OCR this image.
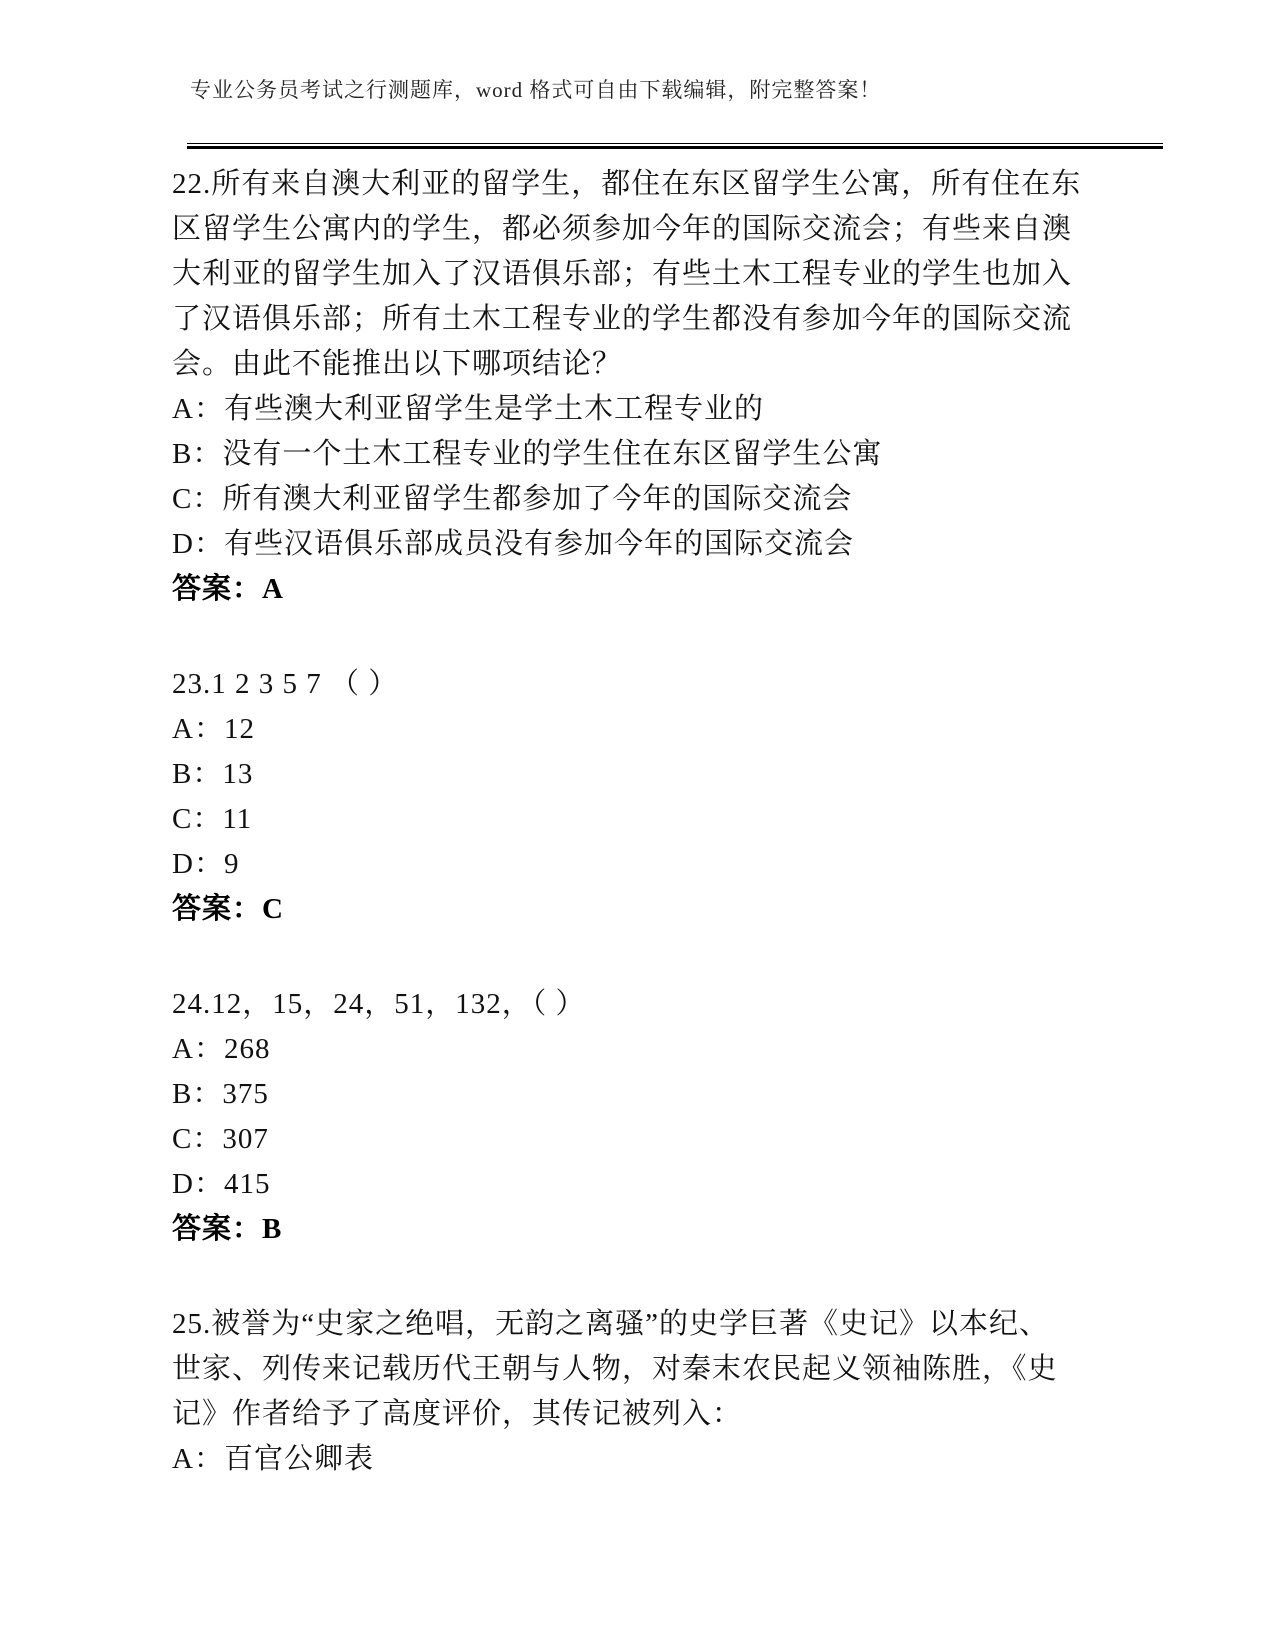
专业公务员考试之行测题库，word 格式可自由下载编辑，附完整答案！
22.所有来自澳大利亚的留学生，都住在东区留学生公寓，所有住在东
区留学生公寓内的学生，都必须参加今年的国际交流会；有些来自澳
大利亚的留学生加入了汉语俱乐部；有些土木工程专业的学生也加入
了汉语俱乐部；所有土木工程专业的学生都没有参加今年的国际交流
会。由此不能推出以下哪项结论？
A：有些澳大利亚留学生是学土木工程专业的
B：没有一个土木工程专业的学生住在东区留学生公寓
C：所有澳大利亚留学生都参加了今年的国际交流会
D：有些汉语俱乐部成员没有参加今年的国际交流会
答案：A
23.1 2 3 5 7 （ ）
A：12
B：13
C：11
D：9
答案：C
24.12，15，24，51，132，（ ）
A：268
B：375
C：307
D：415
答案：B
25.被誉为“史家之绝唱，无韵之离骚”的史学巨著《史记》以本纪、
世家、列传来记载历代王朝与人物，对秦末农民起义领袖陈胜，《史
记》作者给予了高度评价，其传记被列入：
A：百官公卿表
